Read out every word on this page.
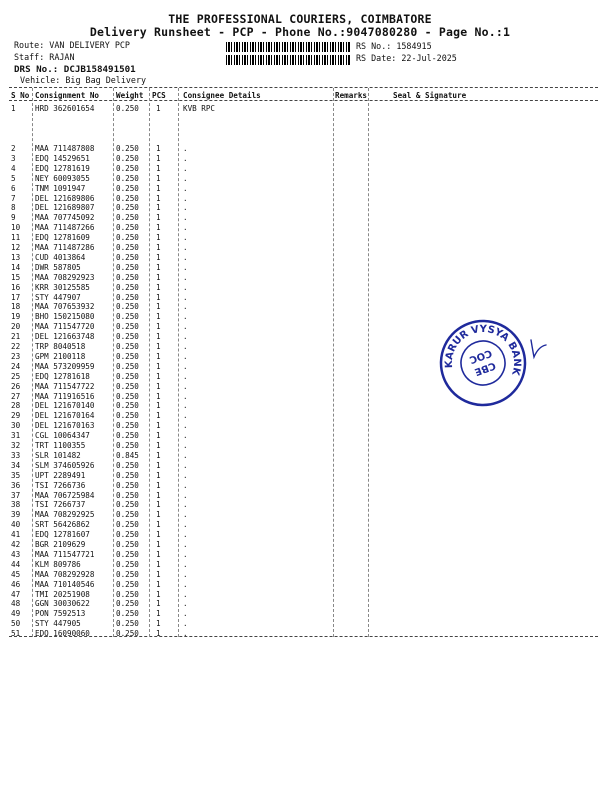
THE PROFESSIONAL COURIERS, COIMBATORE
Delivery Runsheet - PCP - Phone No.:9047080280 - Page No.:1
Route: VAN DELIVERY PCP
Staff: RAJAN
DRS No.: DCJB158491501
Vehicle: Big Bag Delivery
RS No.: 1584915
RS Date: 22-Jul-2025
S No Consignment No Weight PCS Consignee Details	Remarks	Seal & Signature
1	HRD 362601654	0.250 1	KVB RPC
2	MAA 711487808	0.250 1	.
3	EDQ 14529651	0.250 1	.
4	EDQ 12781619	0.250 1	.
5	NEY 60093055	0.250 1	.
6	TNM 1091947	0.250 1	.
7	DEL 121689806	0.250 1	.
8	DEL 121689807	0.250 1	.
9	MAA 707745092	0.250 1	.
10 MAA 711487266	0.250 1	.
11 EDQ 12781609	0.250 1	.
12 MAA 711487286	0.250 1	.
13 CUD 4013864	0.250 1	.
14 DWR 587805	0.250 1	.
15 MAA 708292923	0.250 1	.
16 KRR 30125585	0.250 1	.
17 STY 447907	0.250 1	.
18 MAA 707653932	0.250 1	.
19 BHO 150215080	0.250 1	.
20 MAA 711547720	0.250 1	.
21 DEL 121663748	0.250 1	.
22 TRP 8040518	0.250 1	.
23 GPM 2100118	0.250 1	.
24 MAA 573209959	0.250 1	.
25 EDQ 12781618	0.250 1	.
26 MAA 711547722	0.250 1	.
27 MAA 711916516	0.250 1	.
28 DEL 121670140	0.250 1	.
29 DEL 121670164	0.250 1	.
30 DEL 121670163	0.250 1	.
31 CGL 10064347	0.250 1	.
32 TRT 1100355	0.250 1	.
33 SLR 101482	0.845 1	.
34 SLM 374605926	0.250 1	.
35 UPT 2289491	0.250 1	.
36 TSI 7266736	0.250 1	.
37 MAA 706725984	0.250 1	.
38 TSI 7266737	0.250 1	.
39 MAA 708292925	0.250 1	.
40 SRT 56426862	0.250 1	.
41 EDQ 12781607	0.250 1	.
42 BGR 2109629	0.250 1	.
43 MAA 711547721	0.250 1	.
44 KLM 809786	0.250 1	.
45 MAA 708292928	0.250 1	.
46 MAA 710140546	0.250 1	.
47 TMI 20251908	0.250 1	.
48 GGN 30030622	0.250 1	.
49 PON 7592513	0.250 1	.
50 STY 447905	0.250 1	.
51 EDQ 16090060	0.250 1	.
KARUR VYSYA BANK
CBE
COC
